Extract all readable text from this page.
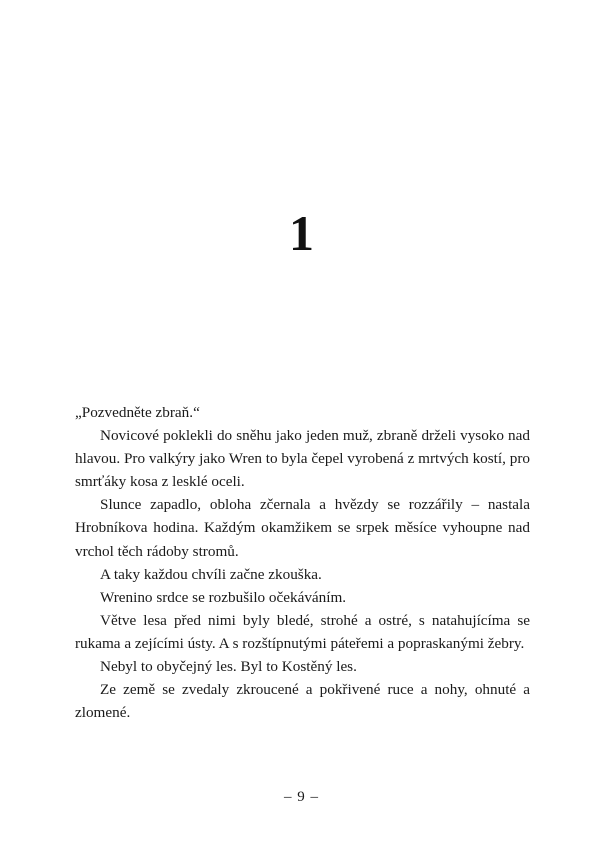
1

„Pozvedněte zbraň.“

Novicové poklekli do sněhu jako jeden muž, zbraně drželi vysoko nad hlavou. Pro valkýry jako Wren to byla čepel vyrobená z mrtvých kostí, pro smrťáky kosa z lesklé oceli.

Slunce zapadlo, obloha zčernala a hvězdy se rozzářily – nastala Hrobníkova hodina. Každým okamžikem se srpek měsíce vyhoupne nad vrchol těch rádoby stromů.

A taky každou chvíli začne zkouška.

Wrenino srdce se rozbušilo očekáváním.

Větve lesa před nimi byly bledé, strohé a ostré, s natahujícíma se rukama a zejícími ústy. A s rozštípnutými páteřemi a popraskanými žebry.

Nebyl to obyčejný les. Byl to Kostěný les.

Ze země se zvedaly zkroucené a pokřivené ruce a nohy, ohnuté a zlomené.

– 9 –
